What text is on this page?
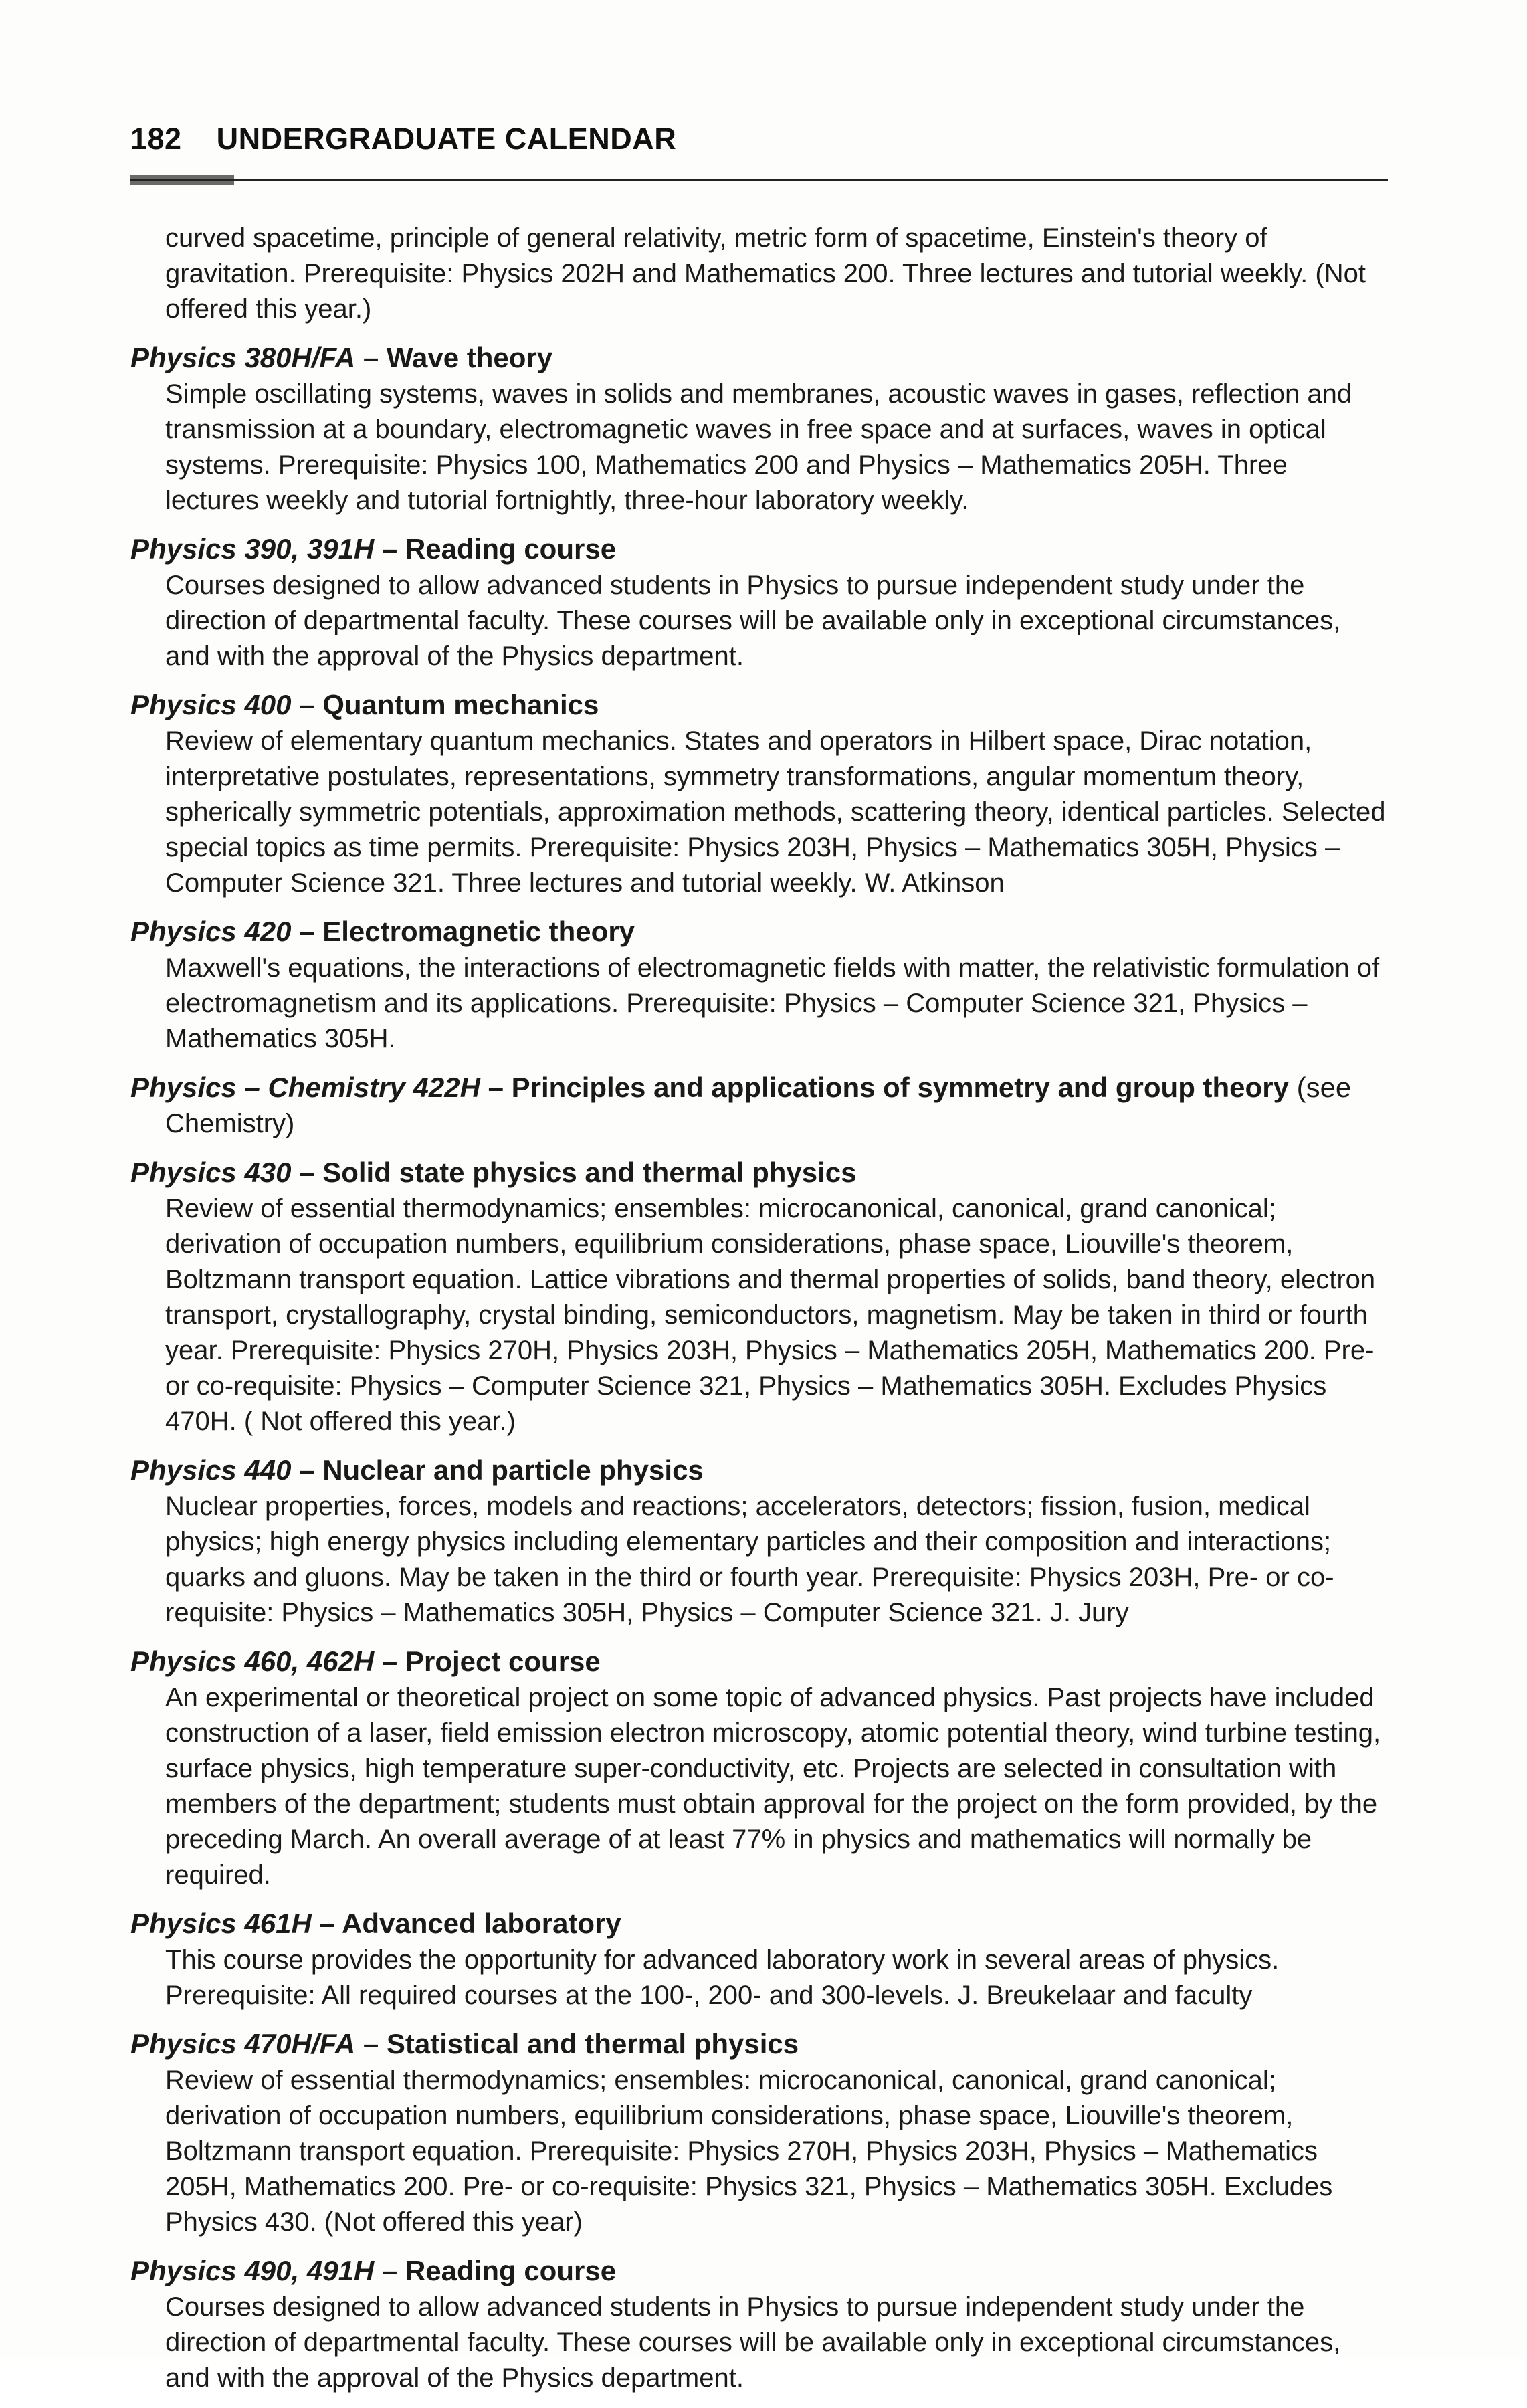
182 UNDERGRADUATE CALENDAR

curved spacetime, principle of general relativity, metric form of spacetime, Einstein's theory of gravitation. Prerequisite: Physics 202H and Mathematics 200. Three lectures and tutorial weekly. (Not offered this year.)

Physics 380H/FA – Wave theory

Simple oscillating systems, waves in solids and membranes, acoustic waves in gases, reflection and transmission at a boundary, electromagnetic waves in free space and at surfaces, waves in optical systems. Prerequisite: Physics 100, Mathematics 200 and Physics – Mathematics 205H. Three lectures weekly and tutorial fortnightly, three-hour laboratory weekly.

Physics 390, 391H – Reading course

Courses designed to allow advanced students in Physics to pursue independent study under the direction of departmental faculty. These courses will be available only in exceptional circumstances, and with the approval of the Physics department.

Physics 400 – Quantum mechanics

Review of elementary quantum mechanics. States and operators in Hilbert space, Dirac notation, interpretative postulates, representations, symmetry transformations, angular momentum theory, spherically symmetric potentials, approximation methods, scattering theory, identical particles. Selected special topics as time permits. Prerequisite: Physics 203H, Physics – Mathematics 305H, Physics – Computer Science 321. Three lectures and tutorial weekly. W. Atkinson

Physics 420 – Electromagnetic theory

Maxwell's equations, the interactions of electromagnetic fields with matter, the relativistic formulation of electromagnetism and its applications. Prerequisite: Physics – Computer Science 321, Physics – Mathematics 305H.

Physics – Chemistry 422H – Principles and applications of symmetry and group theory (see

Chemistry)

Physics 430 – Solid state physics and thermal physics

Review of essential thermodynamics; ensembles: microcanonical, canonical, grand canonical; derivation of occupation numbers, equilibrium considerations, phase space, Liouville's theorem, Boltzmann transport equation. Lattice vibrations and thermal properties of solids, band theory, electron transport, crystallography, crystal binding, semiconductors, magnetism. May be taken in third or fourth year. Prerequisite: Physics 270H, Physics 203H, Physics – Mathematics 205H, Mathematics 200. Pre- or co-requisite: Physics – Computer Science 321, Physics – Mathematics 305H. Excludes Physics 470H. ( Not offered this year.)

Physics 440 – Nuclear and particle physics

Nuclear properties, forces, models and reactions; accelerators, detectors; fission, fusion, medical physics; high energy physics including elementary particles and their composition and interactions; quarks and gluons. May be taken in the third or fourth year. Prerequisite: Physics 203H, Pre- or co-requisite: Physics – Mathematics 305H, Physics – Computer Science 321. J. Jury

Physics 460, 462H – Project course

An experimental or theoretical project on some topic of advanced physics. Past projects have included construction of a laser, field emission electron microscopy, atomic potential theory, wind turbine testing, surface physics, high temperature super-conductivity, etc. Projects are selected in consultation with members of the department; students must obtain approval for the project on the form provided, by the preceding March. An overall average of at least 77% in physics and mathematics will normally be required.

Physics 461H – Advanced laboratory

This course provides the opportunity for advanced laboratory work in several areas of physics. Prerequisite: All required courses at the 100-, 200- and 300-levels. J. Breukelaar and faculty

Physics 470H/FA – Statistical and thermal physics

Review of essential thermodynamics; ensembles: microcanonical, canonical, grand canonical; derivation of occupation numbers, equilibrium considerations, phase space, Liouville's theorem, Boltzmann transport equation. Prerequisite: Physics 270H, Physics 203H, Physics – Mathematics 205H, Mathematics 200. Pre- or co-requisite: Physics 321, Physics – Mathematics 305H. Excludes Physics 430. (Not offered this year)

Physics 490, 491H – Reading course

Courses designed to allow advanced students in Physics to pursue independent study under the direction of departmental faculty. These courses will be available only in exceptional circumstances, and with the approval of the Physics department.
